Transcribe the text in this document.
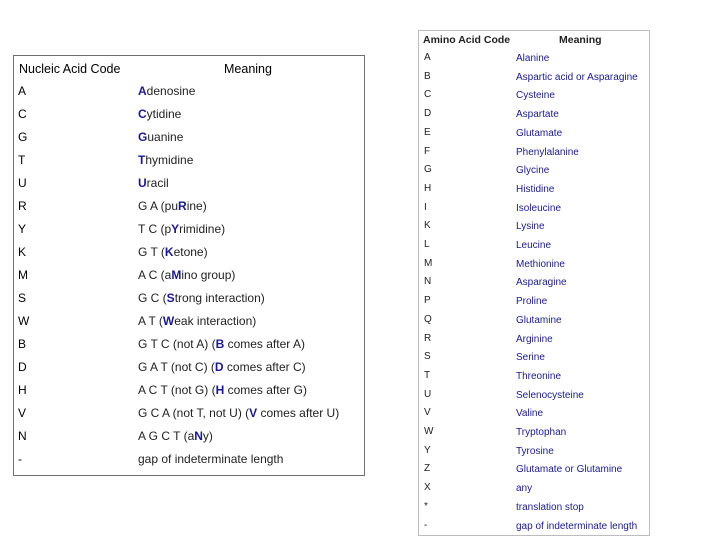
Nucleic Acid Code	Meaning
A	Adenosine
C	Cytidine
G	Guanine
T	Thymidine
U	Uracil
R	G A (puRine)
Y	T C (pYrimidine)
K	G T (Ketone)
M	A C (aMino group)
S	G C (Strong interaction)
W	A T (Weak interaction)
B	G T C (not A) (B comes after A)
D	G A T (not C) (D comes after C)
H	A C T (not G) (H comes after G)
V	G C A (not T, not U) (V comes after U)
N	A G C T (aNy)
-	gap of indeterminate length
Amino Acid Code	Meaning
A	Alanine
B	Aspartic acid or Asparagine
C	Cysteine
D	Aspartate
E	Glutamate
F	Phenylalanine
G	Glycine
H	Histidine
I	Isoleucine
K	Lysine
L	Leucine
M	Methionine
N	Asparagine
P	Proline
Q	Glutamine
R	Arginine
S	Serine
T	Threonine
U	Selenocysteine
V	Valine
W	Tryptophan
Y	Tyrosine
Z	Glutamate or Glutamine
X	any
*	translation stop
-	gap of indeterminate length
